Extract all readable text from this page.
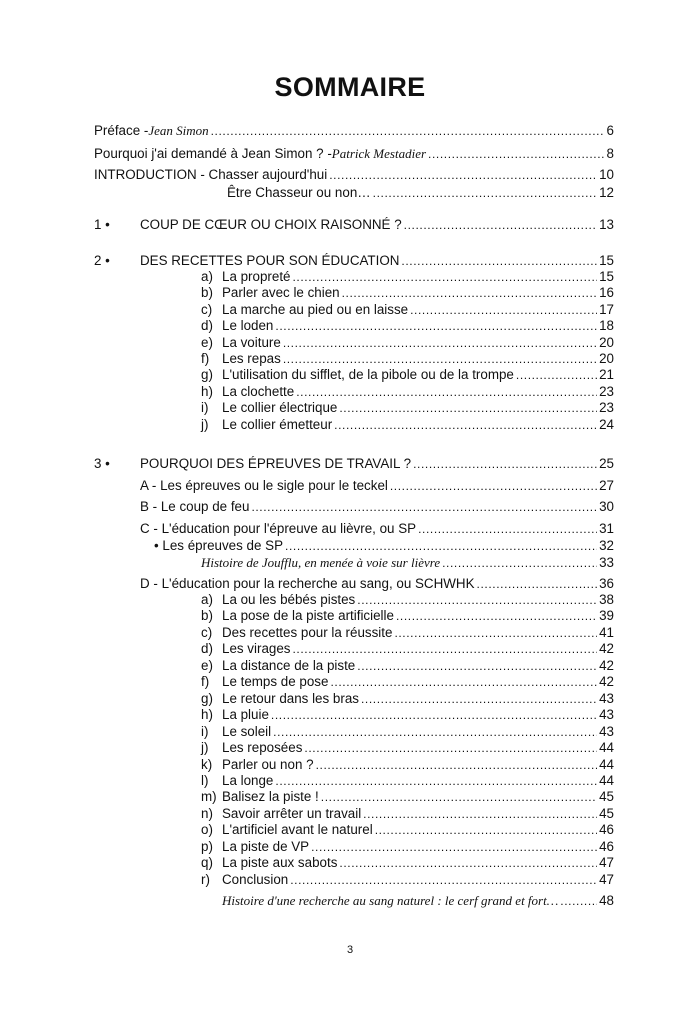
SOMMAIRE
Préface - Jean Simon .....	6
Pourquoi j'ai demandé à Jean Simon ? - Patrick Mestadier .....	8
INTRODUCTION - Chasser aujourd'hui .....	10
Être Chasseur ou non… .....	12
1 • COUP DE CŒUR OU CHOIX RAISONNÉ ? .....	13
2 • DES RECETTES POUR SON ÉDUCATION .....	15
a) La propreté .....	15
b) Parler avec le chien .....	16
c) La marche au pied ou en laisse .....	17
d) Le loden .....	18
e) La voiture .....	20
f) Les repas .....	20
g) L'utilisation du sifflet, de la pibole ou de la trompe .....	21
h) La clochette .....	23
i) Le collier électrique .....	23
j) Le collier émetteur .....	24
3 • POURQUOI DES ÉPREUVES DE TRAVAIL ? .....	25
A - Les épreuves ou le sigle pour le teckel .....	27
B - Le coup de feu .....	30
C - L'éducation pour l'épreuve au lièvre, ou SP .....	31
• Les épreuves de SP .....	32
Histoire de Joufflu, en menée à voie sur lièvre .....	33
D - L'éducation pour la recherche au sang, ou SCHWHK .....	36
a) La ou les bébés pistes .....	38
b) La pose de la piste artificielle .....	39
c) Des recettes pour la réussite .....	41
d) Les virages .....	42
e) La distance de la piste .....	42
f) Le temps de pose .....	42
g) Le retour dans les bras .....	43
h) La pluie .....	43
i) Le soleil .....	43
j) Les reposées .....	44
k) Parler ou non ? .....	44
l) La longe .....	44
m) Balisez la piste ! .....	45
n) Savoir arrêter un travail .....	45
o) L'artificiel avant le naturel .....	46
p) La piste de VP .....	46
q) La piste aux sabots .....	47
r) Conclusion .....	47
Histoire d'une recherche au sang naturel : le cerf grand et fort… .....	48
3
